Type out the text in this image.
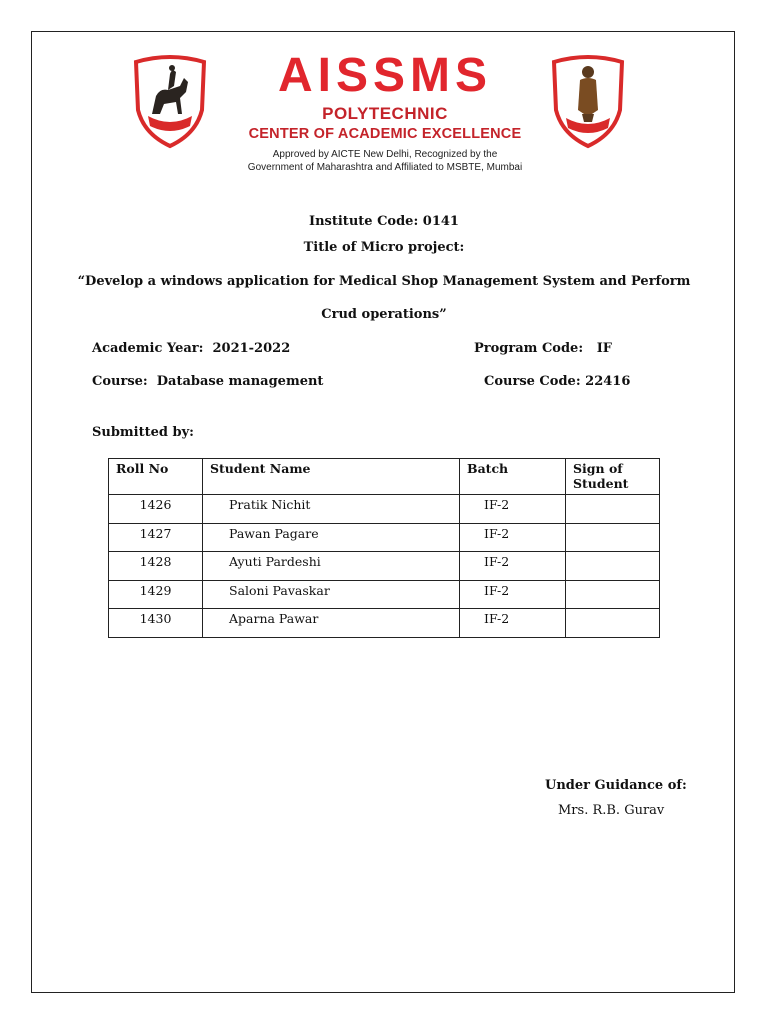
AISSMS
POLYTECHNIC
CENTER OF ACADEMIC EXCELLENCE
Approved by AICTE New Delhi, Recognized by the
Government of Maharashtra and Affiliated to MSBTE, Mumbai
Institute Code: 0141
Title of Micro project:
“Develop a windows application for Medical Shop Management System and Perform
Crud operations”
Academic Year: 2021-2022	Program Code: IF
Course: Database management	Course Code: 22416
Submitted by:
Roll No	Student Name	Batch	Sign of Student
1426	Pratik Nichit	IF-2	
1427	Pawan Pagare	IF-2	
1428	Ayuti Pardeshi	IF-2	
1429	Saloni Pavaskar	IF-2	
1430	Aparna Pawar	IF-2	
Under Guidance of:
Mrs. R.B. Gurav
